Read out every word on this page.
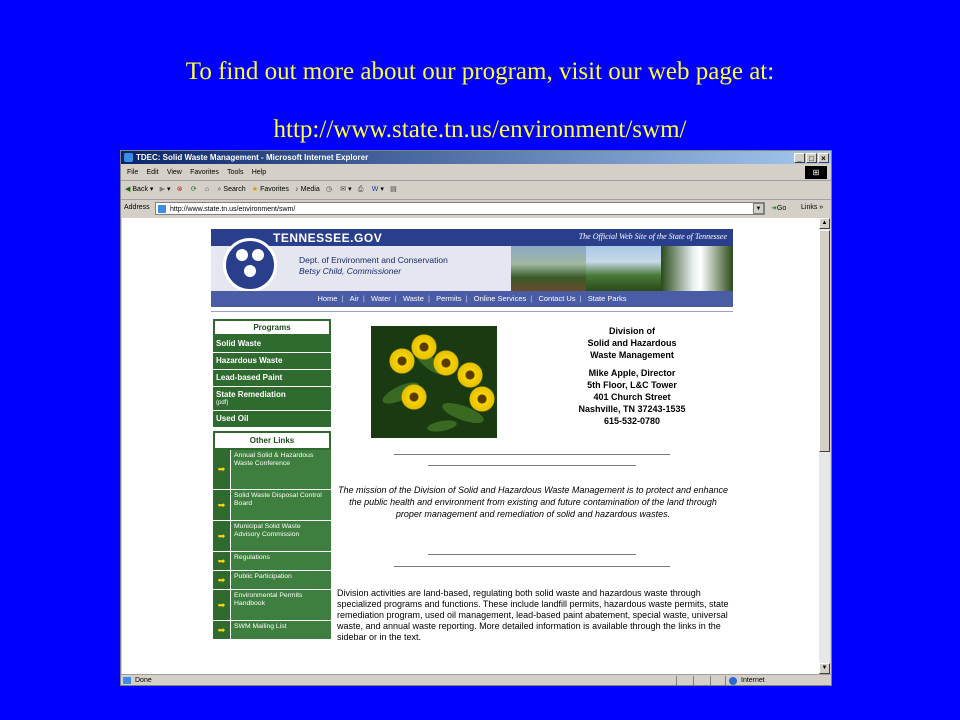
To find out more about our program, visit our web page at:
http://www.state.tn.us/environment/swm/
TDEC: Solid Waste Management - Microsoft Internet Explorer	_ □ ×
File Edit View Favorites Tools Help	⊞
◀ Back ▾ ▶ ▾ ⊗ ⟳ ⌂ ⌕ Search ★ Favorites ♪ Media ◷ ✉ ▾ ⎙ W ▾ ▤
Address	http://www.state.tn.us/environment/swm/	▼	➜Go Links »
TENNESSEE.GOV	The Official Web Site of the State of Tennessee
Dept. of Environment and Conservation
Betsy Child, Commissioner
Home | Air | Water | Waste | Permits | Online Services | Contact Us | State Parks
Programs
Solid Waste
Hazardous Waste
Lead-based Paint
State Remediation
(pdf)
Used Oil
Other Links
➡
Annual Solid & Hazardous Waste Conference
➡
Solid Waste Disposal Control Board
➡
Municipal Solid Waste Advisory Commission
➡	Regulations
➡	Public Participation
➡
Environmental Permits Handbook
➡	SWM Mailing List
Division of
Solid and Hazardous
Waste Management
Mike Apple, Director
5th Floor, L&C Tower
401 Church Street
Nashville, TN 37243-1535
615-532-0780
The mission of the Division of Solid and Hazardous Waste Management is to protect and enhance the public health and environment from existing and future contamination of the land through proper management and remediation of solid and hazardous wastes.
Division activities are land-based, regulating both solid waste and hazardous waste through specialized programs and functions. These include landfill permits, hazardous waste permits, state remediation program, used oil management, lead-based paint abatement, special waste, universal waste, and annual waste reporting. More detailed information is available through the links in the sidebar or in the text.
▲
▼
Done	Internet
